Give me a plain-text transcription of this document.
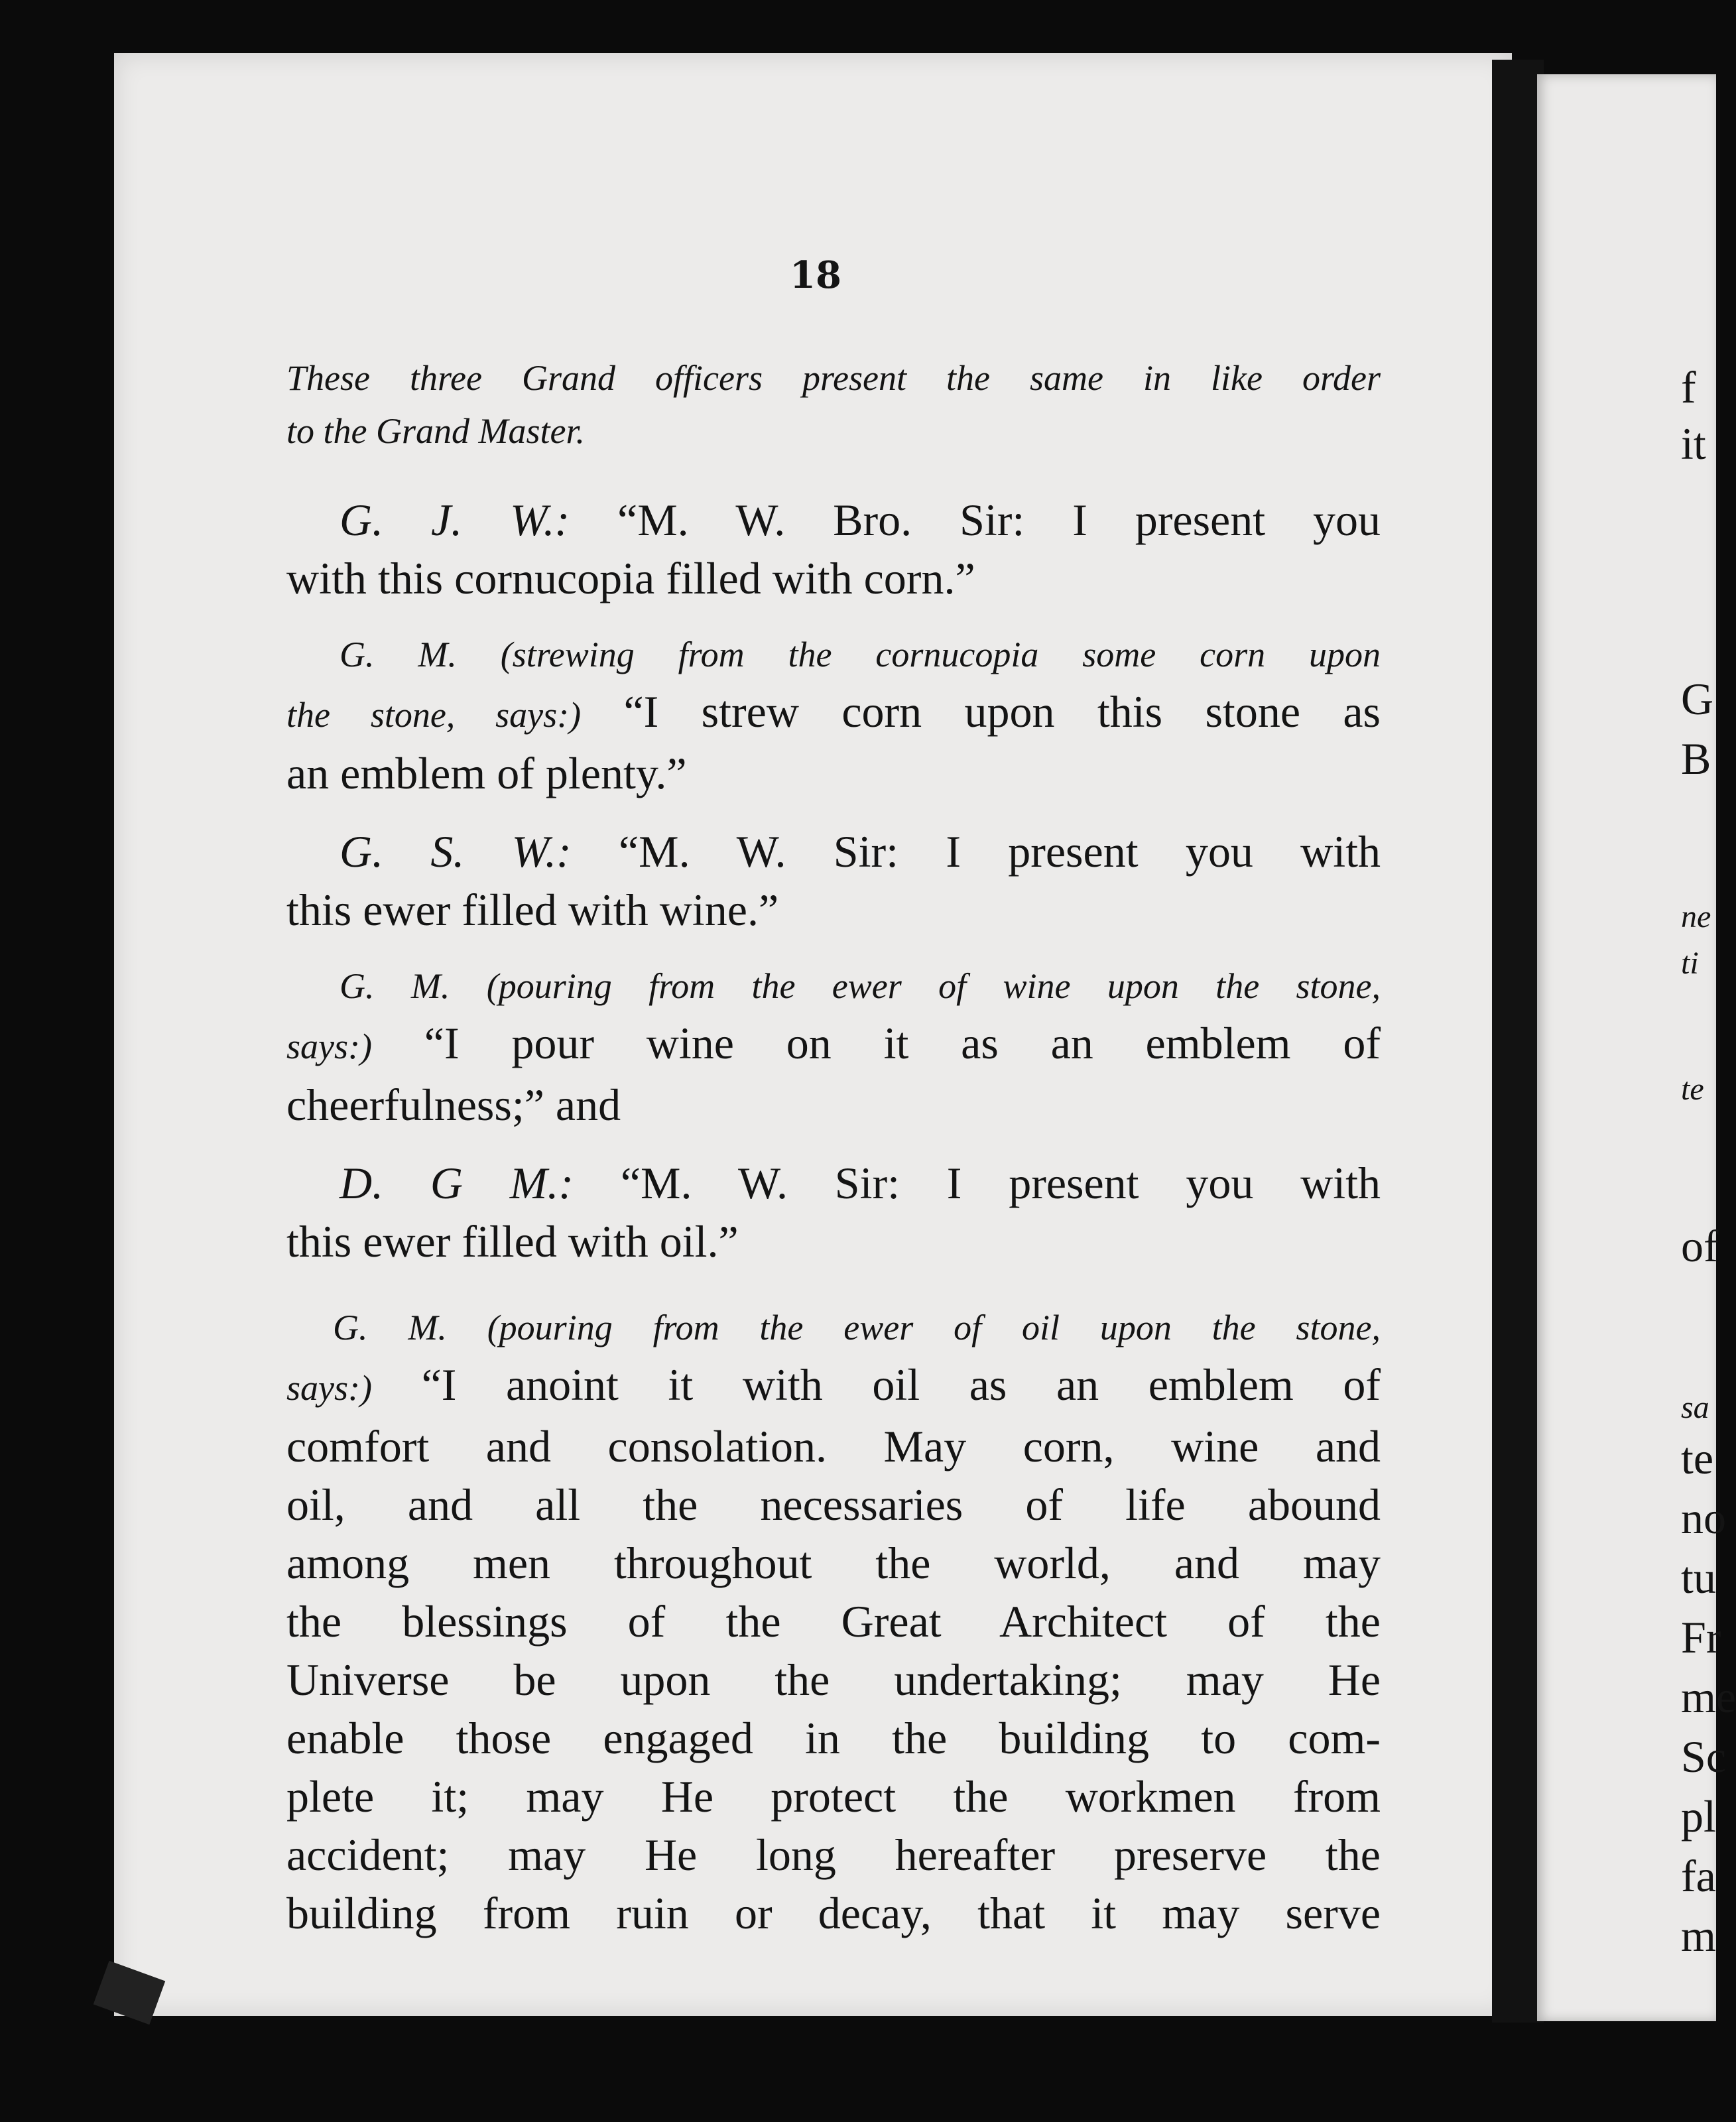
18
These three Grand officers present the same in like order
to the Grand Master.
G. J. W.: “M. W. Bro. Sir: I present you
with this cornucopia filled with corn.”
G. M. (strewing from the cornucopia some corn upon
the stone, says:) “I strew corn upon this stone as
an emblem of plenty.”
G. S. W.: “M. W. Sir: I present you with
this ewer filled with wine.”
G. M. (pouring from the ewer of wine upon the stone,
says:) “I pour wine on it as an emblem of
cheerfulness;” and
D. G M.: “M. W. Sir: I present you with
this ewer filled with oil.”
G. M. (pouring from the ewer of oil upon the stone,
says:) “I anoint it with oil as an emblem of
comfort and consolation. May corn, wine and
oil, and all the necessaries of life abound
among men throughout the world, and may
the blessings of the Great Architect of the
Universe be upon the undertaking; may He
enable those engaged in the building to com-
plete it; may He protect the workmen from
accident; may He long hereafter preserve the
building from ruin or decay, that it may serve
f
it
G
B
ne
ti
te
of
sa
te
no
tu
Fr
me
Sc
pl
fa
m
